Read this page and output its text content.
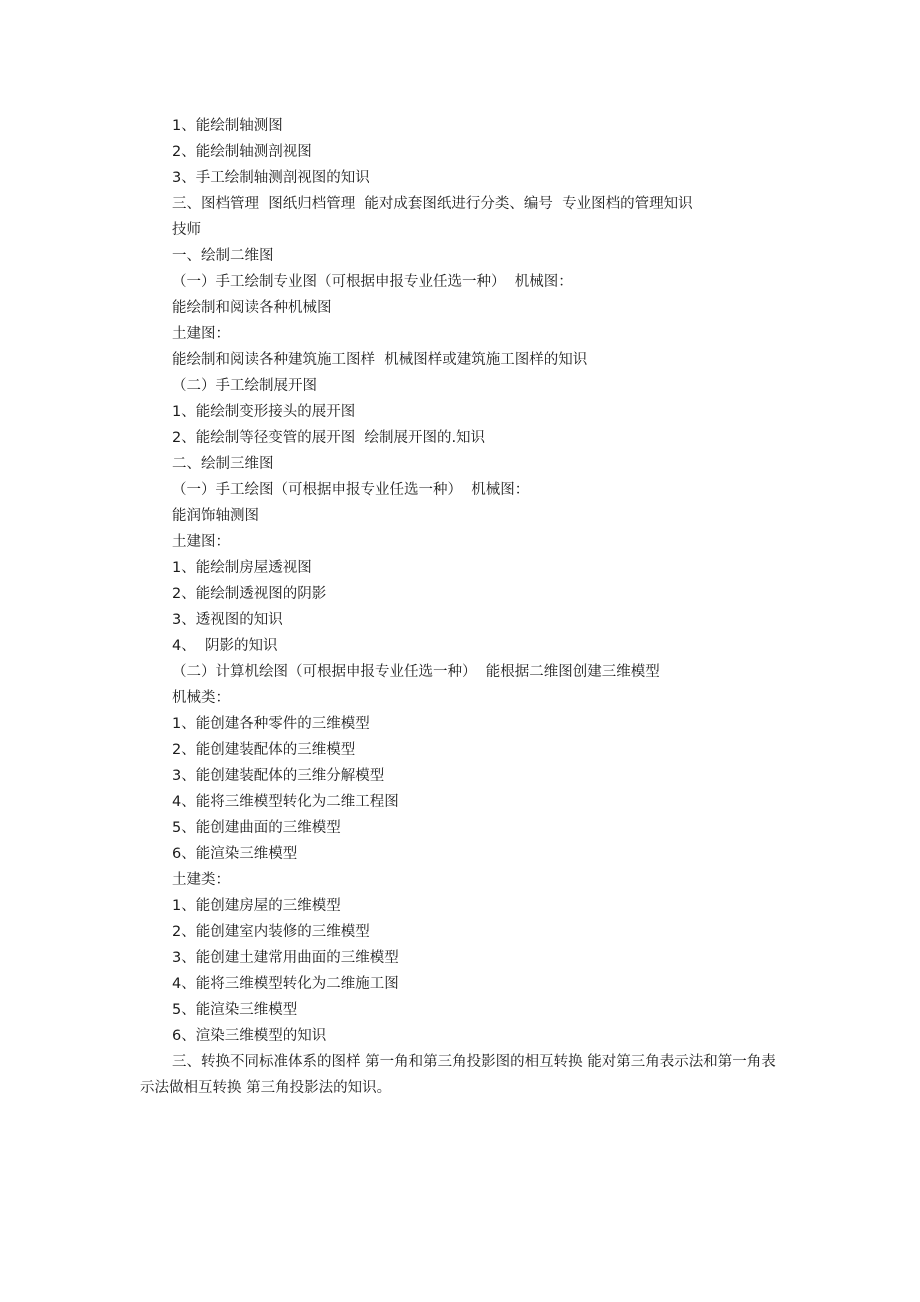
1、能绘制轴测图
2、能绘制轴测剖视图
3、手工绘制轴测剖视图的知识
三、图档管理  图纸归档管理  能对成套图纸进行分类、编号  专业图档的管理知识
技师
一、绘制二维图
（一）手工绘制专业图（可根据申报专业任选一种）  机械图：
能绘制和阅读各种机械图
土建图：
能绘制和阅读各种建筑施工图样  机械图样或建筑施工图样的知识
（二）手工绘制展开图
1、能绘制变形接头的展开图
2、能绘制等径变管的展开图  绘制展开图的.知识
二、绘制三维图
（一）手工绘图（可根据申报专业任选一种）  机械图：
能润饰轴测图
土建图：
1、能绘制房屋透视图
2、能绘制透视图的阴影
3、透视图的知识
4、  阴影的知识
（二）计算机绘图（可根据申报专业任选一种）  能根据二维图创建三维模型
机械类：
1、能创建各种零件的三维模型
2、能创建装配体的三维模型
3、能创建装配体的三维分解模型
4、能将三维模型转化为二维工程图
5、能创建曲面的三维模型
6、能渲染三维模型
土建类：
1、能创建房屋的三维模型
2、能创建室内装修的三维模型
3、能创建土建常用曲面的三维模型
4、能将三维模型转化为二维施工图
5、能渲染三维模型
6、渲染三维模型的知识
三、转换不同标准体系的图样 第一角和第三角投影图的相互转换 能对第三角表示法和第一角表示法做相互转换 第三角投影法的知识。
